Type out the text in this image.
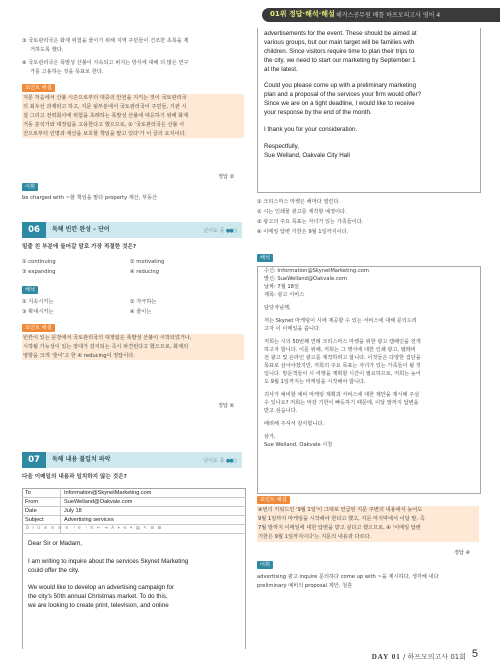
01위 정답·해석·해설 해커스공무원 배틀 하프모의고사 영어 4
③ 국토관리국은 화재 위험을 줄이기 위해 지역 주민들이 건조한 초목을 제
거하도록 했다.
④ 국토관리국은 폭발성 산불이 지속되고 퍼지는 방식에 대해 더 많은 연구
가를 고용하는 것을 목표로 한다.
포인트 해설
지문 처음에서 산불 시즌으로부터 대중의 안전을 지키는 것이 국토관리국
의 최우선 과제라고 하고, 지문 뒷부분에서 국토관리국이 주민들, 기관 시
설 그리고 전력회사에 위험을 초래하는 폭발성 산불에 대응하기 위해 화재
거동 분석가와 대정팀을 고용한다고 했으므로, ② '국토관리국은 산불 사
건으로부터 인명과 재산을 보호할 책임을 맡고 있다'가 이 글의 요지이다.
정답 ②
어휘
be charged with ~할 책임을 맡다 property 재산, 부동산
06	독해 빈칸 완성 – 단어	난이도 중 ●●○
밑줄 친 부분에 들어갈 말로 가장 적절한 것은?
① continuing	② motivating
③ expanding	④ reducing
해석
① 지속시키는	② 자극하는
③ 확대시키는	④ 줄이는
포인트 해설
빈칸이 있는 문장에서 국토관리국의 대정팀은 폭발성 산불이 시작되었거나,
시작될 가능성이 있는 장대가 감지되는 즉시 파견된다고 했으므로, 화재의
영향을 크게 '줄이'고 한 ④ reducing이 정답이다.
정답 ④
07	독해 내용 불일치 파악	난이도 중 ●●○
다음 이메일의 내용과 일치하지 않는 것은?
To	Information@SkynetMarketing.com
From	SueWelland@Oakvale.com
Date	July 18
Subject	Advertising services
B I U ≡ ≡ ≡ ≡ ⋮≡ ⋮≡ ⇤ ⇥ A ▾ ⟲ ▾ ▤ ✎ ⊟ ⊞
Dear Sir or Madam,
I am writing to inquire about the services Skynet Marketing
could offer the city.
We would like to develop an advertising campaign for
the city's 50th annual Christmas market. To do this,
we are looking to create print, television, and online
advertisements for the event. These should be aimed at
various groups, but our main target will be families with
children. Since visitors require time to plan their trips to
the city, we need to start our marketing by September 1
at the latest.
Could you please come up with a preliminary marketing
plan and a proposal of the services your firm would offer?
Since we are on a tight deadline, I would like to receive
your response by the end of the month.
I thank you for your consideration.
Respectfully,
Sue Welland, Oakvale City Hall
① 크리스마스 마켓은 해마다 열린다.
② 시는 인쇄물 광고를 제작할 예정이다.
③ 광고의 주요 목표는 자녀가 있는 가족들이다.
④ 이메일 답변 기한은 9월 1일까지이다.
해석
수신: Information@SkynetMarketing.com
발신: SueWelland@Oakvale.com
날짜: 7월 18일
제목: 광고 서비스
담당자님께,
저는 Skynet 마케팅이 시에 제공할 수 있는 서비스에 대해 문의드리
고자 이 이메일을 씁니다.
저희는 시의 50번째 연례 크리스마스 마켓을 위한 광고 캠페인을 전개
하고자 합니다. 이를 위해, 저희는 그 행사에 대한 인쇄 광고, 텔레비
전 광고 및 온라인 광고를 제작하려고 합니다. 이것들은 다양한 집단을
목표로 삼아야겠지만, 저희의 주요 목표는 자녀가 있는 가족들이 될 것
입니다. 방문객들이 시 여행을 계획할 시간이 필요하므로, 저희는 늦어
도 9월 1일까지는 마케팅을 시작해야 합니다.
귀사가 예비할 예비 마케팅 계획과 서비스에 대한 제안을 제시해 주실
수 있나요? 저희는 마감 기한이 빠듯하기 때문에, 이달 말까지 답변을
받고 싶습니다.
배려해 주셔서 감사합니다.
삼가,
Sue Welland, Oakvale 시청
포인트 해설
④번의 키워드인 '9월 1일'이 그대로 언급된 지문 주변의 내용에서 늦어도
9월 1일까지 마케팅을 시작해야 한다고 했고, 지문 마지막에서 이달 말, 즉
7월 말까지 이메일에 대한 답변을 받고 싶다고 했으므로, ④ '이메일 답변
기한은 9월 1일까지이다'는 지문의 내용과 다르다.
정답 ④
어휘
advertising 광고 inquire 문의하다 come up with ~을 제시하다, 생각해 내다
preliminary 예비의 proposal 제안, 청혼
DAY 01 / 하프모의고사 01회 5
